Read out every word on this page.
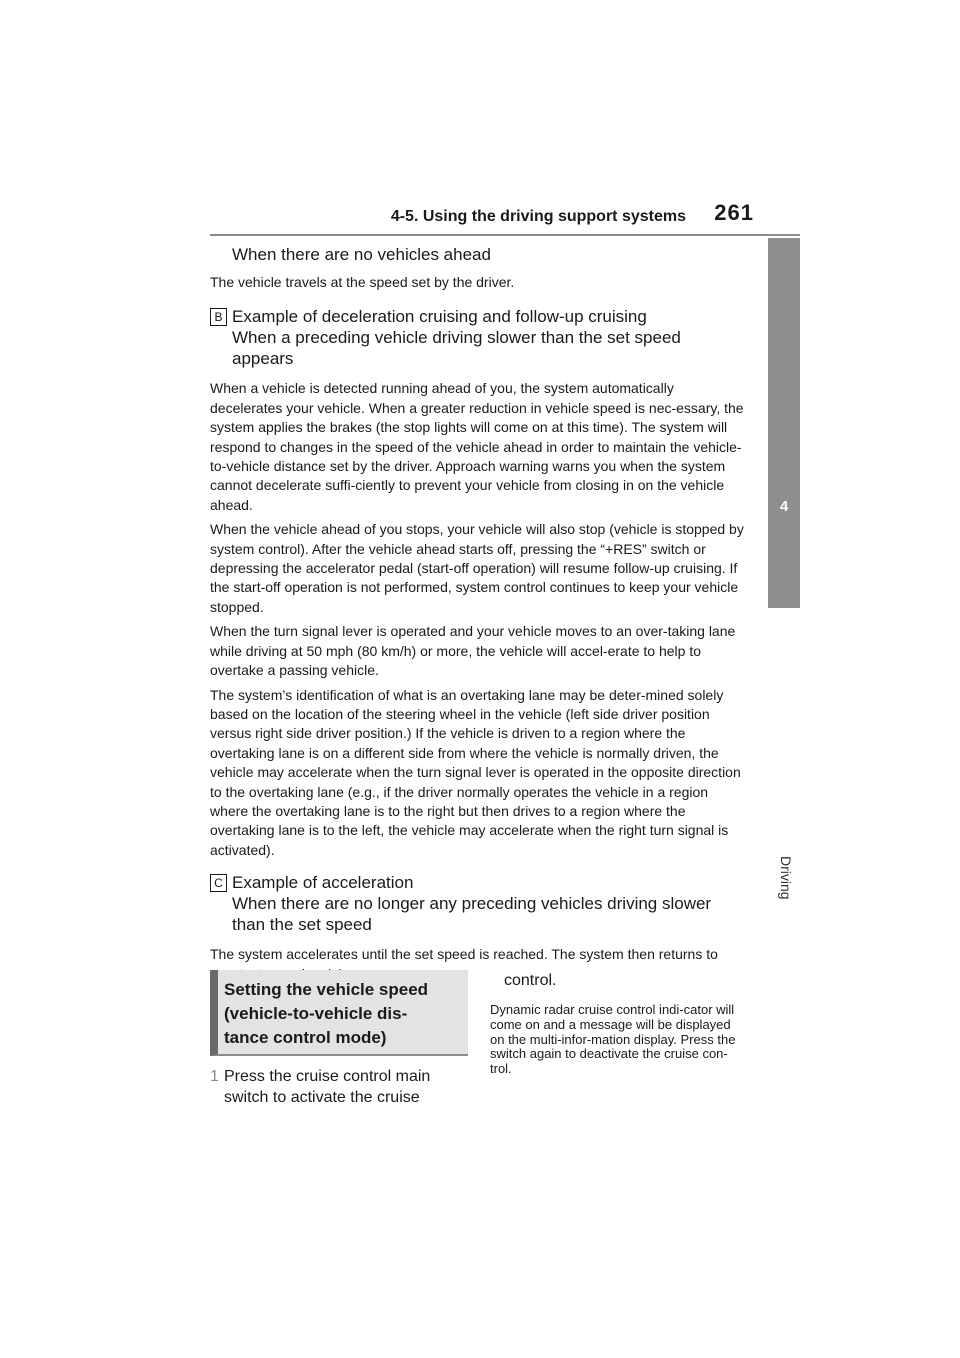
4-5. Using the driving support systems 261
4
Driving
When there are no vehicles ahead
The vehicle travels at the speed set by the driver.
B Example of deceleration cruising and follow-up cruising
When a preceding vehicle driving slower than the set speed
appears
When a vehicle is detected running ahead of you, the system automatically decelerates your vehicle. When a greater reduction in vehicle speed is nec-essary, the system applies the brakes (the stop lights will come on at this time). The system will respond to changes in the speed of the vehicle ahead in order to maintain the vehicle-to-vehicle distance set by the driver. Approach warning warns you when the system cannot decelerate suffi-ciently to prevent your vehicle from closing in on the vehicle ahead.
When the vehicle ahead of you stops, your vehicle will also stop (vehicle is stopped by system control). After the vehicle ahead starts off, pressing the “+RES” switch or depressing the accelerator pedal (start-off operation) will resume follow-up cruising. If the start-off operation is not performed, system control continues to keep your vehicle stopped.
When the turn signal lever is operated and your vehicle moves to an over-taking lane while driving at 50 mph (80 km/h) or more, the vehicle will accel-erate to help to overtake a passing vehicle.
The system’s identification of what is an overtaking lane may be deter-mined solely based on the location of the steering wheel in the vehicle (left side driver position versus right side driver position.) If the vehicle is driven to a region where the overtaking lane is on a different side from where the vehicle is normally driven, the vehicle may accelerate when the turn signal lever is operated in the opposite direction to the overtaking lane (e.g., if the driver normally operates the vehicle in a region where the overtaking lane is to the right but then drives to a region where the overtaking lane is to the left, the vehicle may accelerate when the right turn signal is activated).
C Example of acceleration
When there are no longer any preceding vehicles driving slower
than the set speed
The system accelerates until the set speed is reached. The system then returns to
Setting the vehicle speed
(vehicle-to-vehicle dis-
tance control mode)
1 Press the cruise control main switch to activate the cruise
control.
Dynamic radar cruise control indi-cator will come on and a message will be displayed on the multi-infor-mation display. Press the switch again to deactivate the cruise con-trol.
